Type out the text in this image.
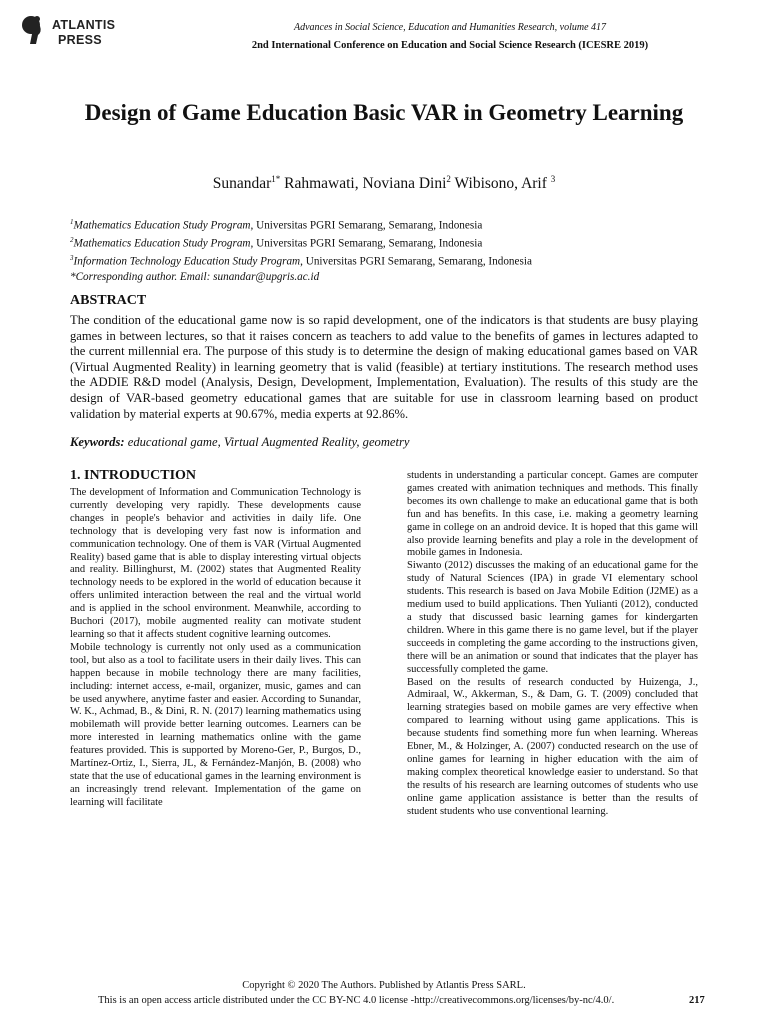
ATLANTIS
PRESS
Advances in Social Science, Education and Humanities Research, volume 417
2nd International Conference on Education and Social Science Research (ICESRE 2019)
Design of Game Education Basic VAR in Geometry Learning
Sunandar$^{1*}$ Rahmawati, Noviana Dini$^2$ Wibisono, Arif $^3$
$^1$Mathematics Education Study Program, Universitas PGRI Semarang, Semarang, Indonesia
$^2$Mathematics Education Study Program, Universitas PGRI Semarang, Semarang, Indonesia
$^3$Information Technology Education Study Program, Universitas PGRI Semarang, Semarang, Indonesia
*Corresponding author. Email: sunandar@upgris.ac.id
ABSTRACT
The condition of the educational game now is so rapid development, one of the indicators is that students are busy playing games in between lectures, so that it raises concern as teachers to add value to the benefits of games in lectures adapted to the current millennial era. The purpose of this study is to determine the design of making educational games based on VAR (Virtual Augmented Reality) in learning geometry that is valid (feasible) at tertiary institutions. The research method uses the ADDIE R&D model (Analysis, Design, Development, Implementation, Evaluation). The results of this study are the design of VAR-based geometry educational games that are suitable for use in classroom learning based on product validation by material experts at 90.67%, media experts at 92.86%.
Keywords: educational game, Virtual Augmented Reality, geometry
1. INTRODUCTION

The development of Information and Communication Technology is currently developing very rapidly. These developments cause changes in people's behavior and activities in daily life. One technology that is developing very fast now is information and communication technology. One of them is VAR (Virtual Augmented Reality) based game that is able to display interesting virtual objects and reality. Billinghurst, M. (2002) states that Augmented Reality technology needs to be explored in the world of education because it offers unlimited interaction between the real and the virtual world and is applied in the school environment. Meanwhile, according to Buchori (2017), mobile augmented reality can motivate student learning so that it affects student cognitive learning outcomes.

Mobile technology is currently not only used as a communication tool, but also as a tool to facilitate users in their daily lives. This can happen because in mobile technology there are many facilities, including: internet access, e-mail, organizer, music, games and can be used anywhere, anytime faster and easier. According to Sunandar, W. K., Achmad, B., & Dini, R. N. (2017) learning mathematics using mobilemath will provide better learning outcomes. Learners can be more interested in learning mathematics online with the game features provided. This is supported by Moreno-Ger, P., Burgos, D., Martínez-Ortiz, I., Sierra, JL, & Fernández-Manjón, B. (2008) who state that the use of educational games in the learning environment is an increasingly trend relevant. Implementation of the game on learning will facilitate

students in understanding a particular concept. Games are computer games created with animation techniques and methods. This finally becomes its own challenge to make an educational game that is both fun and has benefits. In this case, i.e. making a geometry learning game in college on an android device. It is hoped that this game will also provide learning benefits and play a role in the development of mobile games in Indonesia.

Siwanto (2012) discusses the making of an educational game for the study of Natural Sciences (IPA) in grade VI elementary school students. This research is based on Java Mobile Edition (J2ME) as a medium used to build applications. Then Yulianti (2012), conducted a study that discussed basic learning games for kindergarten children. Where in this game there is no game level, but if the player succeeds in completing the game according to the instructions given, there will be an animation or sound that indicates that the player has successfully completed the game.

Based on the results of research conducted by Huizenga, J., Admiraal, W., Akkerman, S., & Dam, G. T. (2009) concluded that learning strategies based on mobile games are very effective when compared to learning without using game applications. This is because students find something more fun when learning. Whereas Ebner, M., & Holzinger, A. (2007) conducted research on the use of online games for learning in higher education with the aim of making complex theoretical knowledge easier to understand. So that the results of his research are learning outcomes of students who use online game application assistance is better than the results of student students who use conventional learning.

Copyright © 2020 The Authors. Published by Atlantis Press SARL.
This is an open access article distributed under the CC BY-NC 4.0 license -http://creativecommons.org/licenses/by-nc/4.0/.	217
